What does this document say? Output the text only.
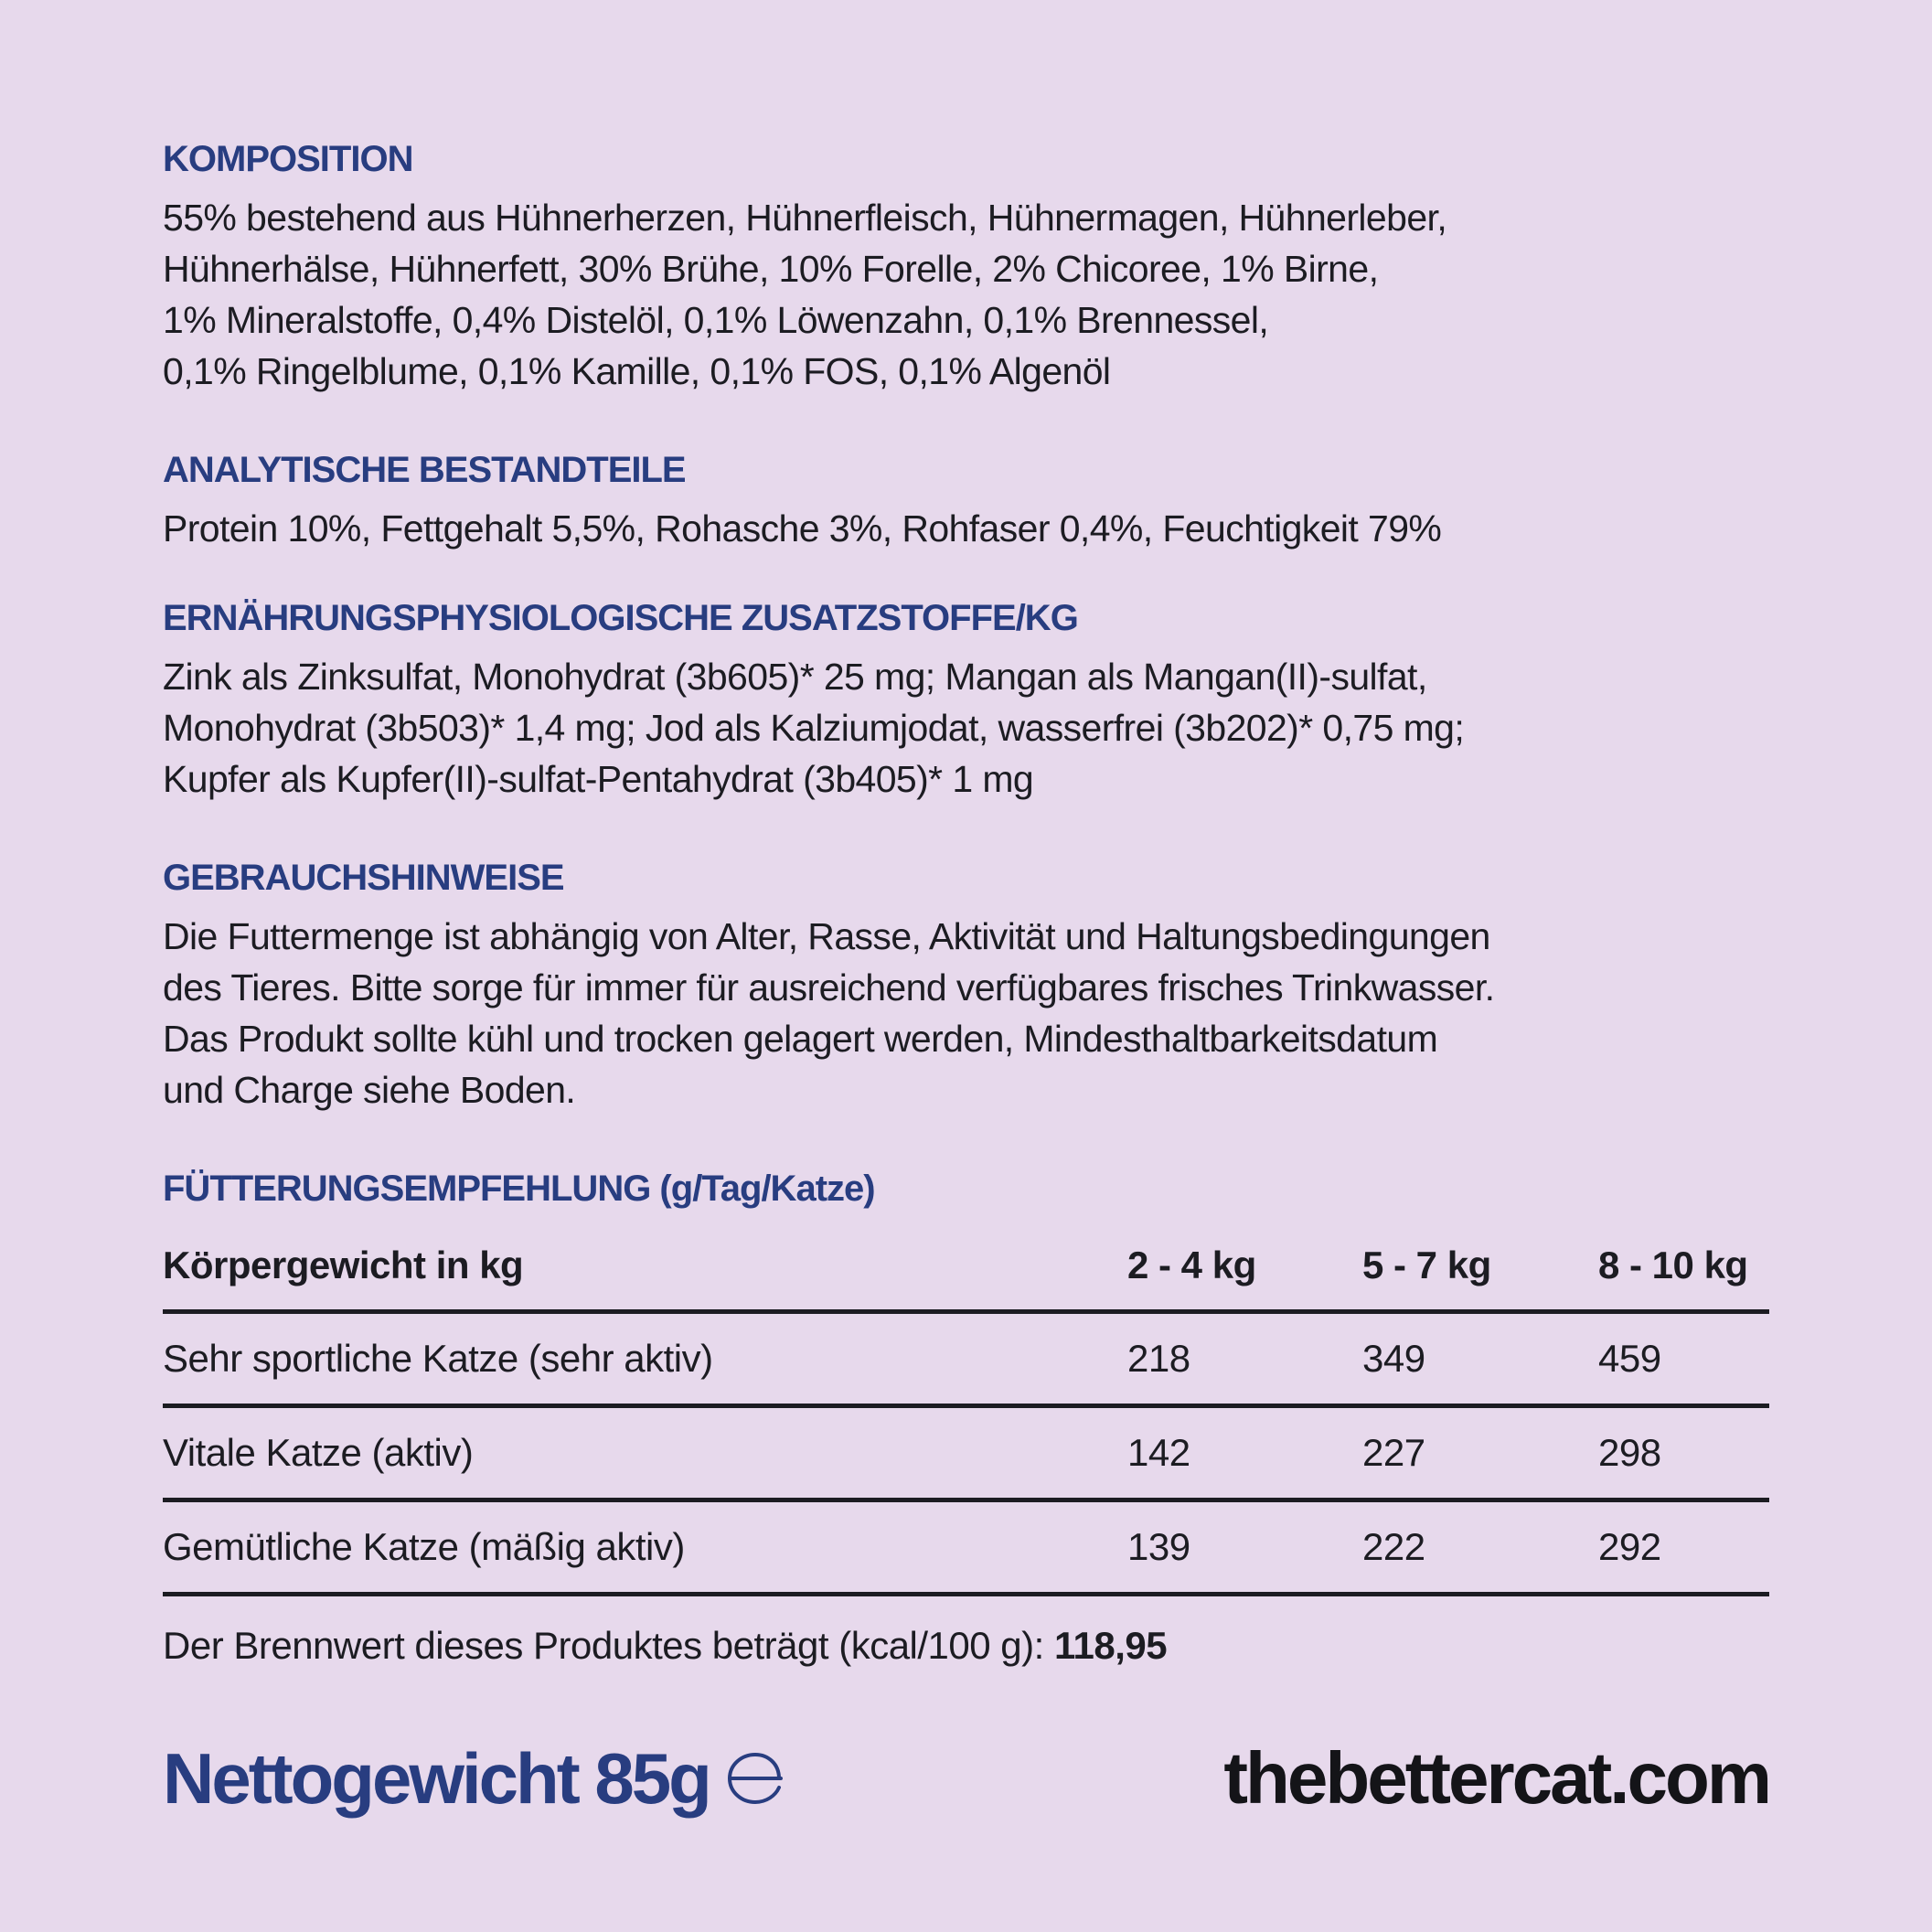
KOMPOSITION

55% bestehend aus Hühnerherzen, Hühnerfleisch, Hühnermagen, Hühnerleber,
Hühnerhälse, Hühnerfett, 30% Brühe, 10% Forelle, 2% Chicoree, 1% Birne,
1% Mineralstoffe, 0,4% Distelöl, 0,1% Löwenzahn, 0,1% Brennessel,
0,1% Ringelblume, 0,1% Kamille, 0,1% FOS, 0,1% Algenöl

ANALYTISCHE BESTANDTEILE

Protein 10%, Fettgehalt 5,5%, Rohasche 3%, Rohfaser 0,4%, Feuchtigkeit 79%

ERNÄHRUNGSPHYSIOLOGISCHE ZUSATZSTOFFE/KG

Zink als Zinksulfat, Monohydrat (3b605)* 25 mg; Mangan als Mangan(II)-sulfat,
Monohydrat (3b503)* 1,4 mg; Jod als Kalziumjodat, wasserfrei (3b202)* 0,75 mg;
Kupfer als Kupfer(II)-sulfat-Pentahydrat (3b405)* 1 mg

GEBRAUCHSHINWEISE

Die Futtermenge ist abhängig von Alter, Rasse, Aktivität und Haltungsbedingungen
des Tieres. Bitte sorge für immer für ausreichend verfügbares frisches Trinkwasser.
Das Produkt sollte kühl und trocken gelagert werden, Mindesthaltbarkeitsdatum
und Charge siehe Boden.

FÜTTERUNGSEMPFEHLUNG (g/Tag/Katze)
Körpergewicht in kg	2 - 4 kg	5 - 7 kg	8 - 10 kg
Sehr sportliche Katze (sehr aktiv)	218	349	459
Vitale Katze (aktiv)	142	227	298
Gemütliche Katze (mäßig aktiv)	139	222	292
Der Brennwert dieses Produktes beträgt (kcal/100 g): 118,95
Nettogewicht 85g	thebettercat.com
